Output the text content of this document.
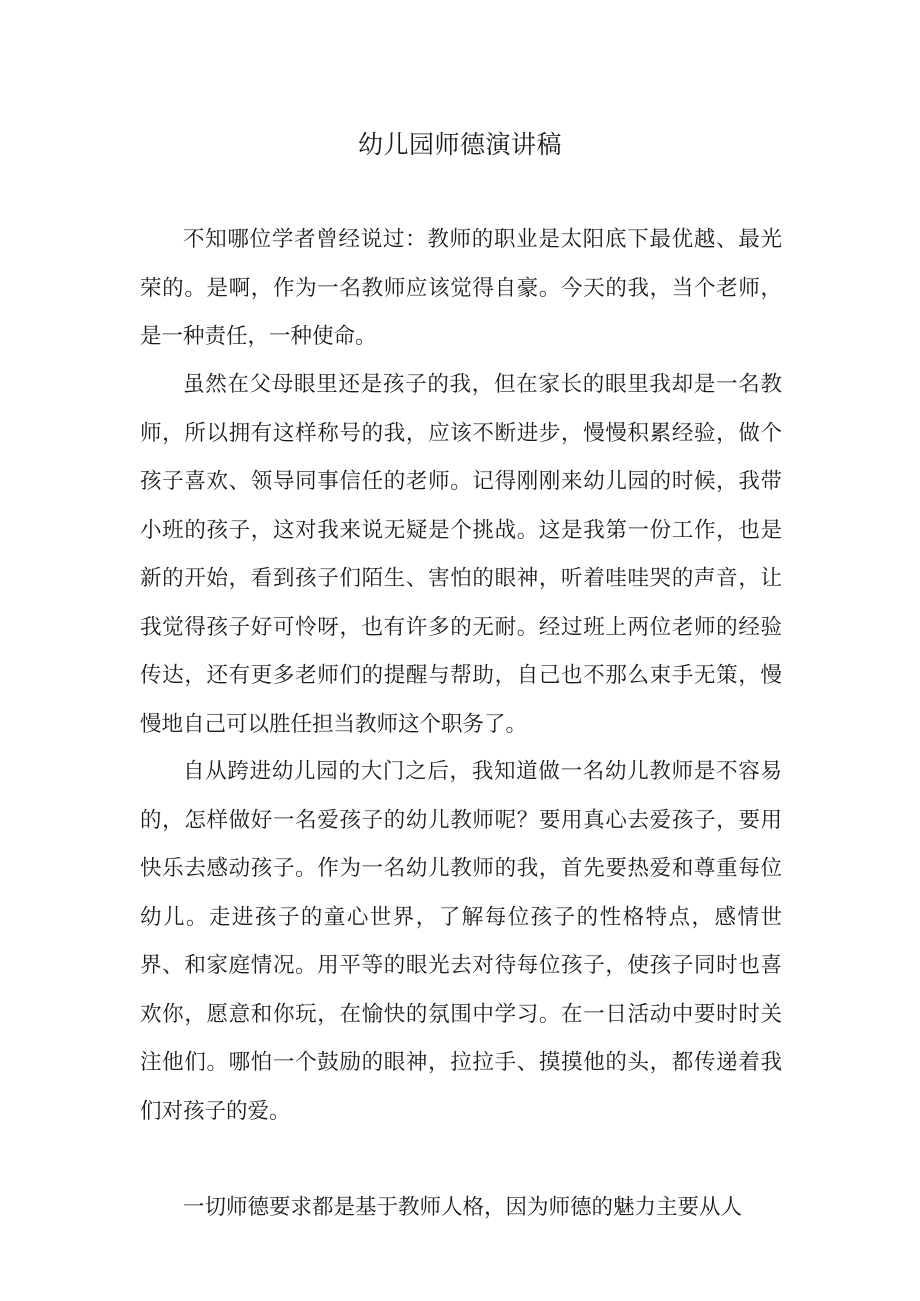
幼儿园师德演讲稿

不知哪位学者曾经说过：教师的职业是太阳底下最优越、最光荣的。是啊，作为一名教师应该觉得自豪。今天的我，当个老师，是一种责任，一种使命。

虽然在父母眼里还是孩子的我，但在家长的眼里我却是一名教师，所以拥有这样称号的我，应该不断进步，慢慢积累经验，做个孩子喜欢、领导同事信任的老师。记得刚刚来幼儿园的时候，我带小班的孩子，这对我来说无疑是个挑战。这是我第一份工作，也是新的开始，看到孩子们陌生、害怕的眼神，听着哇哇哭的声音，让我觉得孩子好可怜呀，也有许多的无耐。经过班上两位老师的经验传达，还有更多老师们的提醒与帮助，自己也不那么束手无策，慢慢地自己可以胜任担当教师这个职务了。

自从跨进幼儿园的大门之后，我知道做一名幼儿教师是不容易的，怎样做好一名爱孩子的幼儿教师呢？要用真心去爱孩子，要用快乐去感动孩子。作为一名幼儿教师的我，首先要热爱和尊重每位幼儿。走进孩子的童心世界，了解每位孩子的性格特点，感情世界、和家庭情况。用平等的眼光去对待每位孩子，使孩子同时也喜欢你，愿意和你玩，在愉快的氛围中学习。在一日活动中要时时关注他们。哪怕一个鼓励的眼神，拉拉手、摸摸他的头，都传递着我们对孩子的爱。

一切师德要求都是基于教师人格，因为师德的魅力主要从人
